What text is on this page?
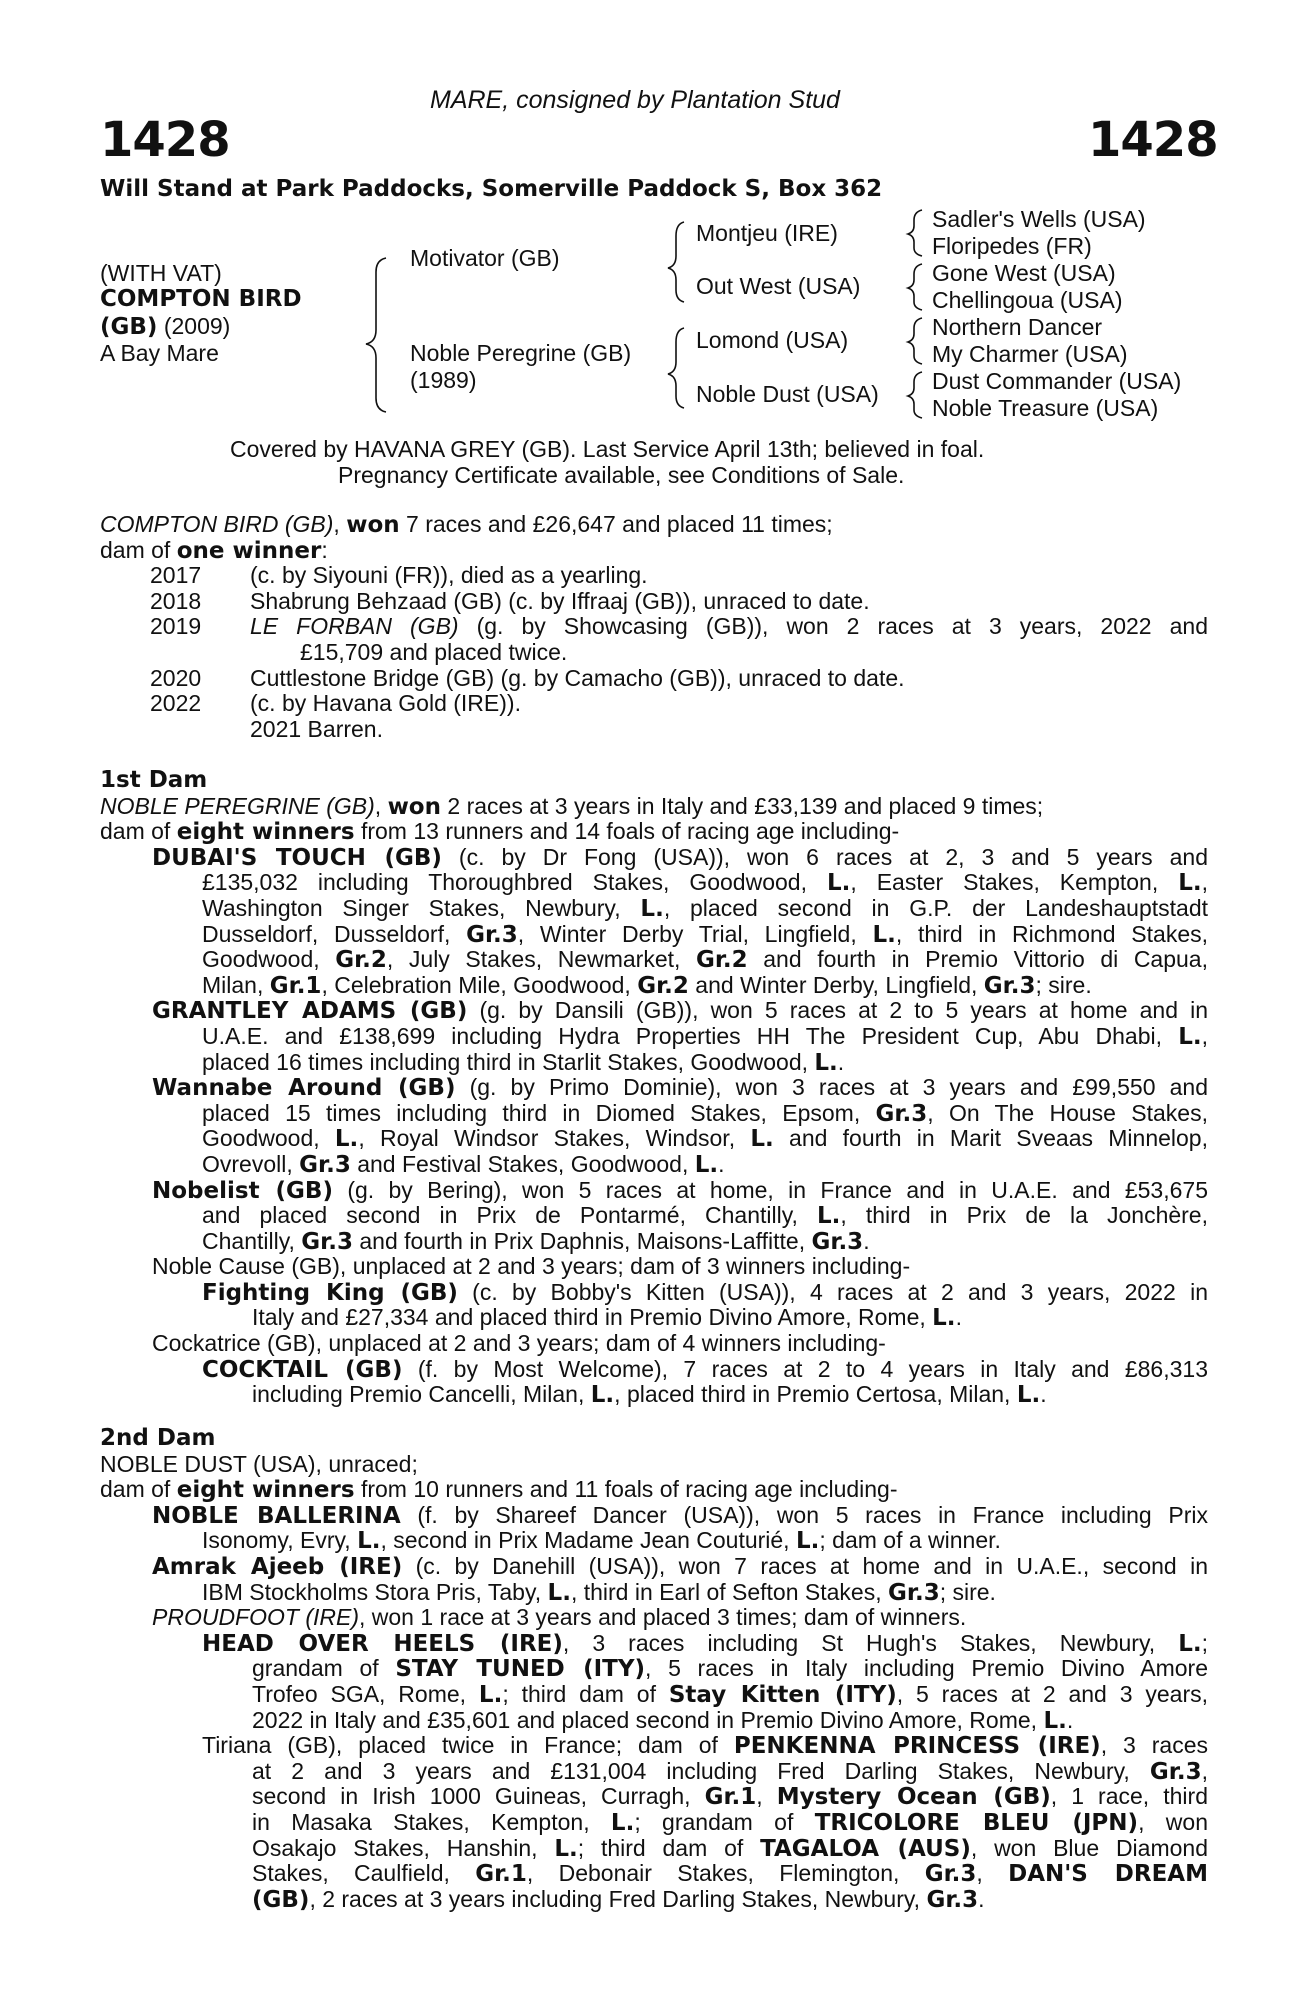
MARE, consigned by Plantation Stud
1428	1428
Will Stand at Park Paddocks, Somerville Paddock S, Box 362
(WITH VAT)
COMPTON BIRD
(GB) (2009)
A Bay Mare
Motivator (GB)
Noble Peregrine (GB)
(1989)
Montjeu (IRE)
Out West (USA)
Lomond (USA)
Noble Dust (USA)
Sadler's Wells (USA)
Floripedes (FR)
Gone West (USA)
Chellingoua (USA)
Northern Dancer
My Charmer (USA)
Dust Commander (USA)
Noble Treasure (USA)
Covered by HAVANA GREY (GB). Last Service April 13th; believed in foal.
Pregnancy Certificate available, see Conditions of Sale.
COMPTON BIRD (GB), won 7 races and £26,647 and placed 11 times;
dam of one winner:
2017 (c. by Siyouni (FR)), died as a yearling.
2018 Shabrung Behzaad (GB) (c. by Iffraaj (GB)), unraced to date.
2019 LE FORBAN (GB) (g. by Showcasing (GB)), won 2 races at 3 years, 2022 and
£15,709 and placed twice.
2020 Cuttlestone Bridge (GB) (g. by Camacho (GB)), unraced to date.
2022 (c. by Havana Gold (IRE)).
2021 Barren.
1st Dam
NOBLE PEREGRINE (GB), won 2 races at 3 years in Italy and £33,139 and placed 9 times;
dam of eight winners from 13 runners and 14 foals of racing age including-
DUBAI'S TOUCH (GB) (c. by Dr Fong (USA)), won 6 races at 2, 3 and 5 years and
£135,032 including Thoroughbred Stakes, Goodwood, L., Easter Stakes, Kempton, L.,
Washington Singer Stakes, Newbury, L., placed second in G.P. der Landeshauptstadt
Dusseldorf, Dusseldorf, Gr.3, Winter Derby Trial, Lingfield, L., third in Richmond Stakes,
Goodwood, Gr.2, July Stakes, Newmarket, Gr.2 and fourth in Premio Vittorio di Capua,
Milan, Gr.1, Celebration Mile, Goodwood, Gr.2 and Winter Derby, Lingfield, Gr.3; sire.
GRANTLEY ADAMS (GB) (g. by Dansili (GB)), won 5 races at 2 to 5 years at home and in
U.A.E. and £138,699 including Hydra Properties HH The President Cup, Abu Dhabi, L.,
placed 16 times including third in Starlit Stakes, Goodwood, L..
Wannabe Around (GB) (g. by Primo Dominie), won 3 races at 3 years and £99,550 and
placed 15 times including third in Diomed Stakes, Epsom, Gr.3, On The House Stakes,
Goodwood, L., Royal Windsor Stakes, Windsor, L. and fourth in Marit Sveaas Minnelop,
Ovrevoll, Gr.3 and Festival Stakes, Goodwood, L..
Nobelist (GB) (g. by Bering), won 5 races at home, in France and in U.A.E. and £53,675
and placed second in Prix de Pontarmé, Chantilly, L., third in Prix de la Jonchère,
Chantilly, Gr.3 and fourth in Prix Daphnis, Maisons-Laffitte, Gr.3.
Noble Cause (GB), unplaced at 2 and 3 years; dam of 3 winners including-
Fighting King (GB) (c. by Bobby's Kitten (USA)), 4 races at 2 and 3 years, 2022 in
Italy and £27,334 and placed third in Premio Divino Amore, Rome, L..
Cockatrice (GB), unplaced at 2 and 3 years; dam of 4 winners including-
COCKTAIL (GB) (f. by Most Welcome), 7 races at 2 to 4 years in Italy and £86,313
including Premio Cancelli, Milan, L., placed third in Premio Certosa, Milan, L..
2nd Dam
NOBLE DUST (USA), unraced;
dam of eight winners from 10 runners and 11 foals of racing age including-
NOBLE BALLERINA (f. by Shareef Dancer (USA)), won 5 races in France including Prix
Isonomy, Evry, L., second in Prix Madame Jean Couturié, L.; dam of a winner.
Amrak Ajeeb (IRE) (c. by Danehill (USA)), won 7 races at home and in U.A.E., second in
IBM Stockholms Stora Pris, Taby, L., third in Earl of Sefton Stakes, Gr.3; sire.
PROUDFOOT (IRE), won 1 race at 3 years and placed 3 times; dam of winners.
HEAD OVER HEELS (IRE), 3 races including St Hugh's Stakes, Newbury, L.;
grandam of STAY TUNED (ITY), 5 races in Italy including Premio Divino Amore
Trofeo SGA, Rome, L.; third dam of Stay Kitten (ITY), 5 races at 2 and 3 years,
2022 in Italy and £35,601 and placed second in Premio Divino Amore, Rome, L..
Tiriana (GB), placed twice in France; dam of PENKENNA PRINCESS (IRE), 3 races
at 2 and 3 years and £131,004 including Fred Darling Stakes, Newbury, Gr.3,
second in Irish 1000 Guineas, Curragh, Gr.1, Mystery Ocean (GB), 1 race, third
in Masaka Stakes, Kempton, L.; grandam of TRICOLORE BLEU (JPN), won
Osakajo Stakes, Hanshin, L.; third dam of TAGALOA (AUS), won Blue Diamond
Stakes, Caulfield, Gr.1, Debonair Stakes, Flemington, Gr.3, DAN'S DREAM
(GB), 2 races at 3 years including Fred Darling Stakes, Newbury, Gr.3.
